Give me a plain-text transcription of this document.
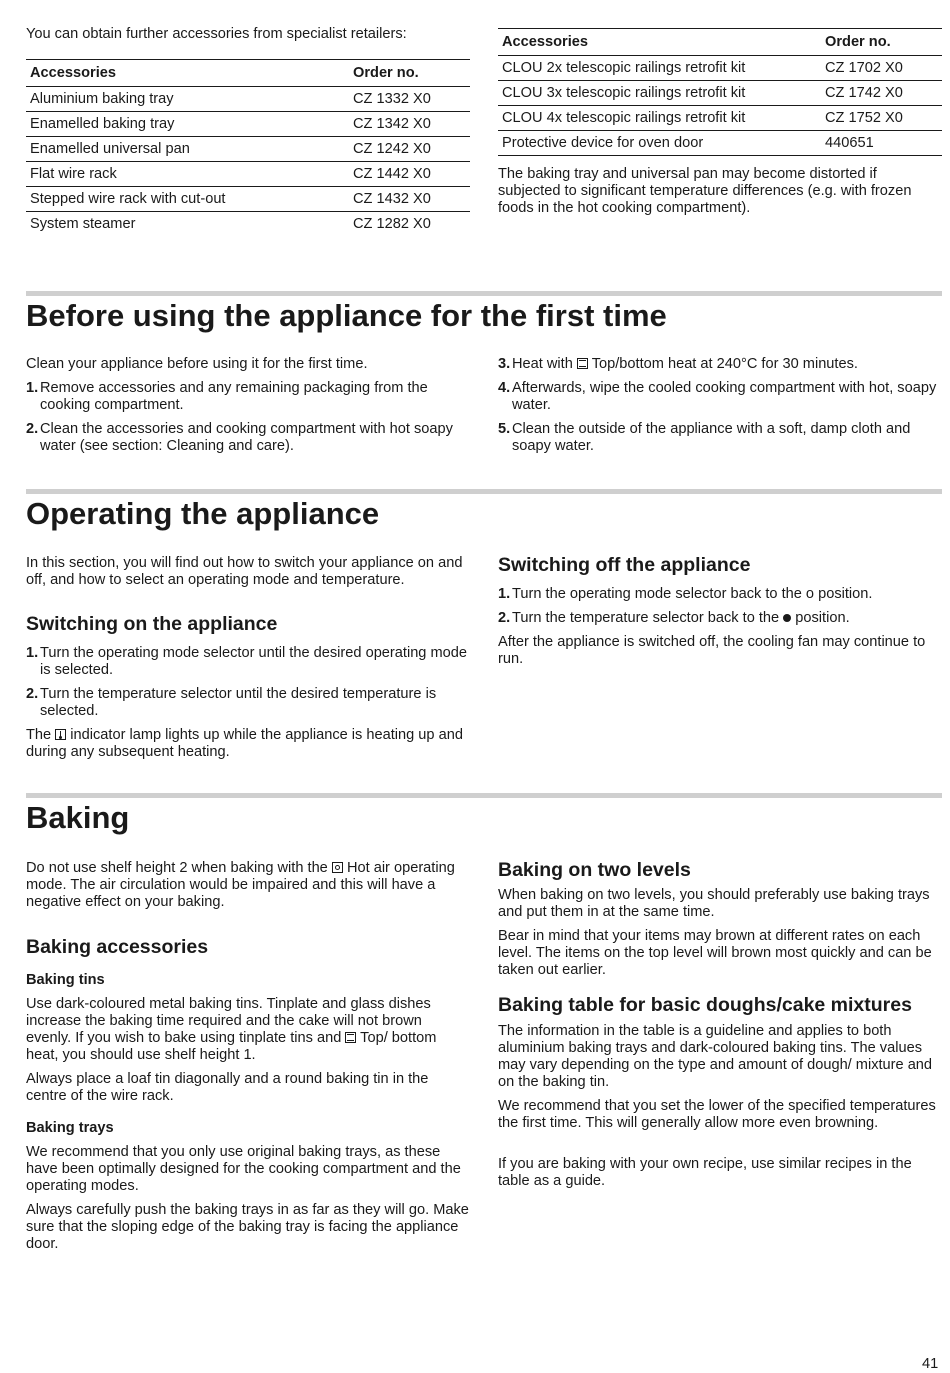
You can obtain further accessories from specialist retailers:

Accessories	Order no.
Aluminium baking tray	CZ 1332 X0
Enamelled baking tray	CZ 1342 X0
Enamelled universal pan	CZ 1242 X0
Flat wire rack	CZ 1442 X0
Stepped wire rack with cut-out	CZ 1432 X0
System steamer	CZ 1282 X0
Accessories	Order no.
CLOU 2x telescopic railings retrofit kit	CZ 1702 X0
CLOU 3x telescopic railings retrofit kit	CZ 1742 X0
CLOU 4x telescopic railings retrofit kit	CZ 1752 X0
Protective device for oven door	440651

The baking tray and universal pan may become distorted if subjected to significant temperature differences (e.g. with frozen foods in the hot cooking compartment).

Before using the appliance for the first time

Clean your appliance before using it for the first time.

1. Remove accessories and any remaining packaging from the cooking compartment.

2. Clean the accessories and cooking compartment with hot soapy water (see section: Cleaning and care).

3. Heat with Top/bottom heat at 240°C for 30 minutes.

4. Afterwards, wipe the cooled cooking compartment with hot, soapy water.

5. Clean the outside of the appliance with a soft, damp cloth and soapy water.

Operating the appliance

In this section, you will find out how to switch your appliance on and off, and how to select an operating mode and temperature.

Switching on the appliance
1. Turn the operating mode selector until the desired operating mode is selected.

2. Turn the temperature selector until the desired temperature is selected.

The indicator lamp lights up while the appliance is heating up and during any subsequent heating.

Switching off the appliance
1. Turn the operating mode selector back to the o position.

2. Turn the temperature selector back to the position.

After the appliance is switched off, the cooling fan may continue to run.

Baking

Do not use shelf height 2 when baking with the Hot air operating mode. The air circulation would be impaired and this will have a negative effect on your baking.

Baking accessories
Baking tins

Use dark-coloured metal baking tins. Tinplate and glass dishes increase the baking time required and the cake will not brown evenly. If you wish to bake using tinplate tins and Top/ bottom heat, you should use shelf height 1.

Always place a loaf tin diagonally and a round baking tin in the centre of the wire rack.

Baking trays

We recommend that you only use original baking trays, as these have been optimally designed for the cooking compartment and the operating modes.

Always carefully push the baking trays in as far as they will go. Make sure that the sloping edge of the baking tray is facing the appliance door.

Baking on two levels

When baking on two levels, you should preferably use baking trays and put them in at the same time.

Bear in mind that your items may brown at different rates on each level. The items on the top level will brown most quickly and can be taken out earlier.

Baking table for basic doughs/cake mixtures

The information in the table is a guideline and applies to both aluminium baking trays and dark-coloured baking tins. The values may vary depending on the type and amount of dough/ mixture and on the baking tin.

We recommend that you set the lower of the specified temperatures the first time. This will generally allow more even browning.

If you are baking with your own recipe, use similar recipes in the table as a guide.

41
